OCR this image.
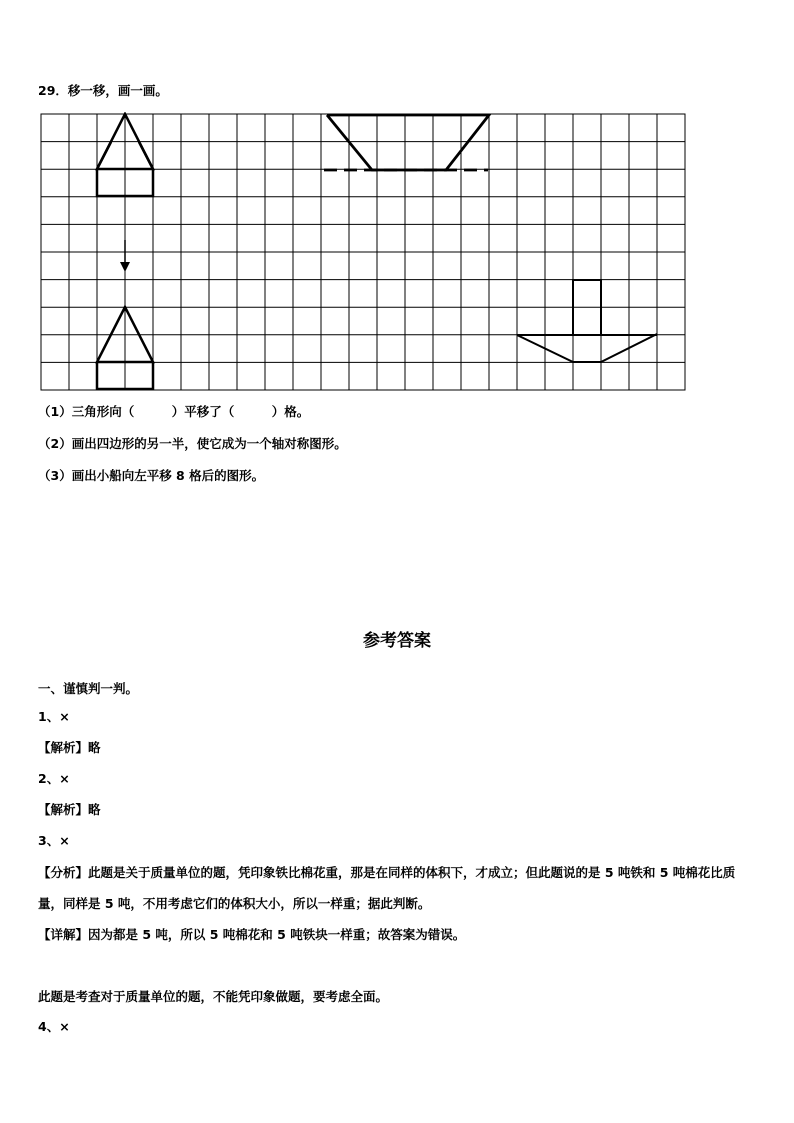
29．移一移，画一画。
（1）三角形向（　　　）平移了（　　　）格。
（2）画出四边形的另一半，使它成为一个轴对称图形。
（3）画出小船向左平移 8 格后的图形。
参考答案
一、谨慎判一判。
1、×
【解析】略
2、×
【解析】略
3、×
【分析】此题是关于质量单位的题，凭印象铁比棉花重，那是在同样的体积下，才成立；但此题说的是 5 吨铁和 5 吨棉花比质量，同样是 5 吨，不用考虑它们的体积大小，所以一样重；据此判断。
【详解】因为都是 5 吨，所以 5 吨棉花和 5 吨铁块一样重；故答案为错误。
此题是考查对于质量单位的题，不能凭印象做题，要考虑全面。
4、×
